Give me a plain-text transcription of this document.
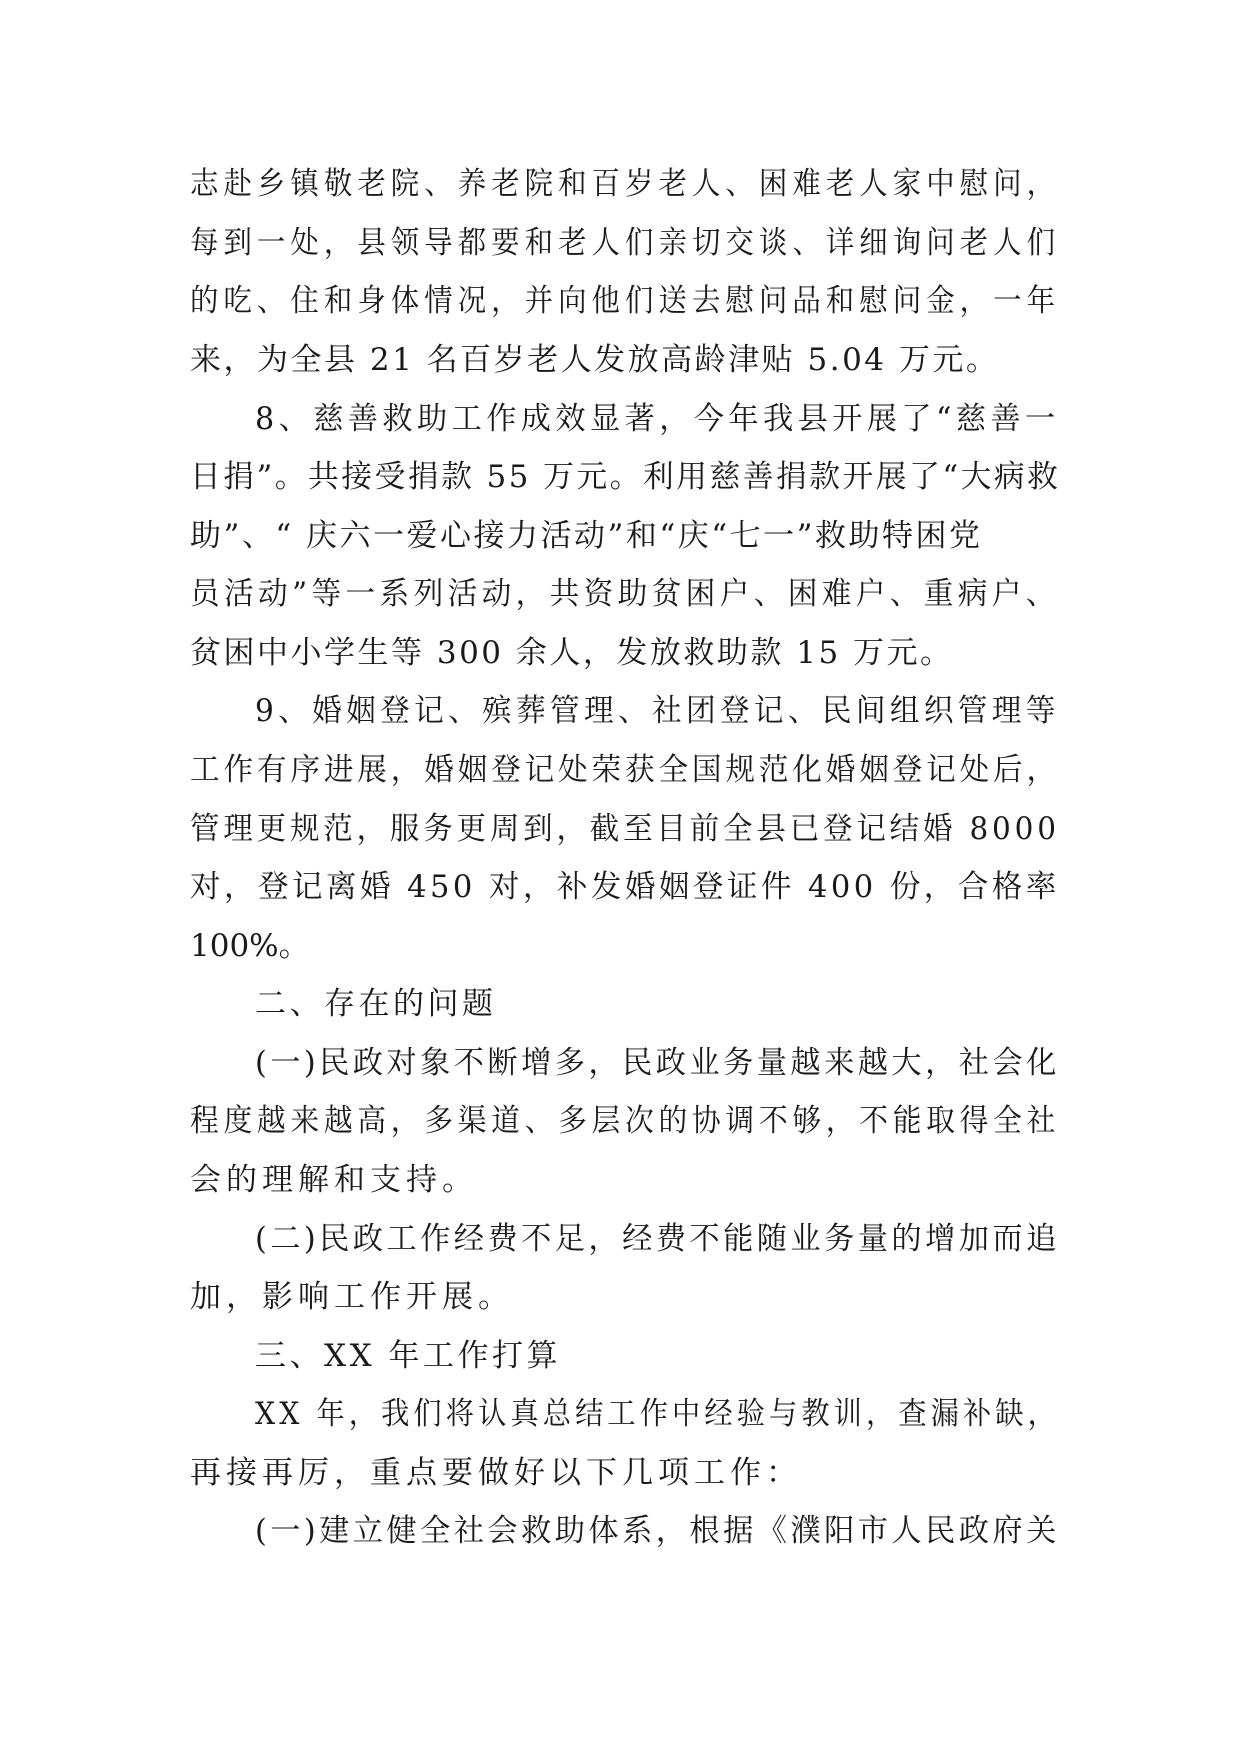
志赴乡镇敬老院、养老院和百岁老人、困难老人家中慰问，
每到一处，县领导都要和老人们亲切交谈、详细询问老人们
的吃、住和身体情况，并向他们送去慰问品和慰问金，一年
来，为全县 21 名百岁老人发放高龄津贴 5.04 万元。
8、慈善救助工作成效显著，今年我县开展了“慈善一
日捐”。共接受捐款 55 万元。利用慈善捐款开展了“大病救
助”、“ 庆六一爱心接力活动”和“庆“七一”救助特困党
员活动”等一系列活动，共资助贫困户、困难户、重病户、
贫困中小学生等 300 余人，发放救助款 15 万元。
9、婚姻登记、殡葬管理、社团登记、民间组织管理等
工作有序进展，婚姻登记处荣获全国规范化婚姻登记处后，
管理更规范，服务更周到，截至目前全县已登记结婚 8000
对，登记离婚 450 对，补发婚姻登证件 400 份，合格率
100%。
二、存在的问题
(一)民政对象不断增多，民政业务量越来越大，社会化
程度越来越高，多渠道、多层次的协调不够，不能取得全社
会的理解和支持。
(二)民政工作经费不足，经费不能随业务量的增加而追
加，影响工作开展。
三、XX 年工作打算
XX 年，我们将认真总结工作中经验与教训，查漏补缺，
再接再厉，重点要做好以下几项工作：
(一)建立健全社会救助体系，根据《濮阳市人民政府关
